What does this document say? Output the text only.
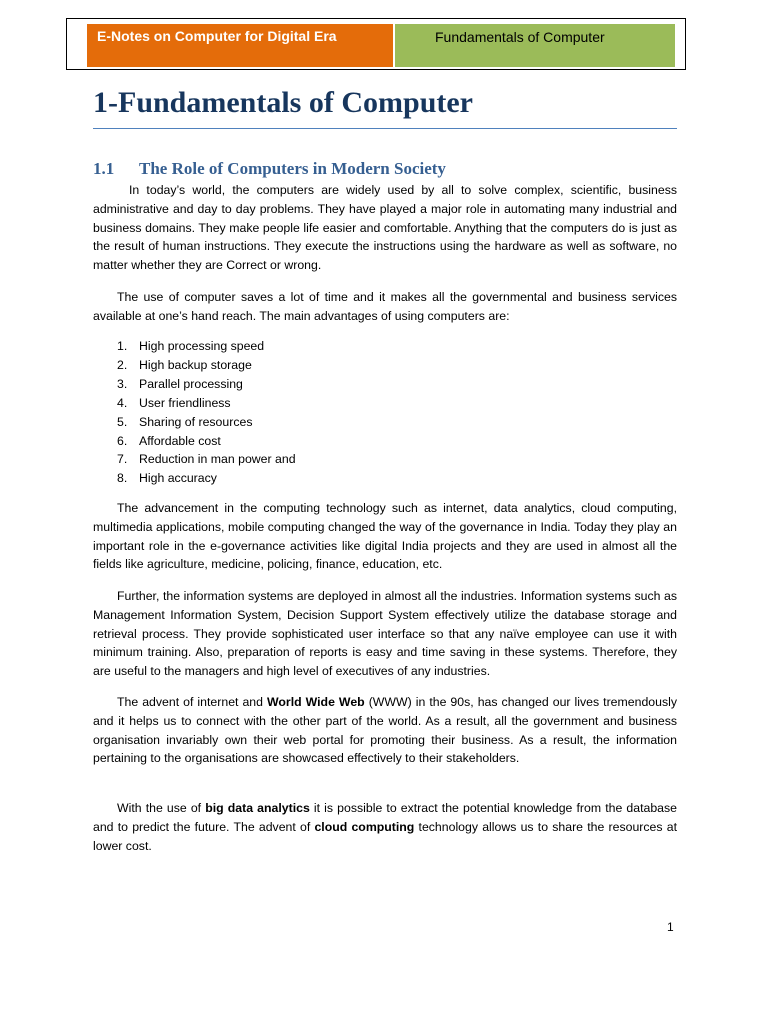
E-Notes on Computer for Digital Era	Fundamentals of Computer
1-Fundamentals of Computer
1.1 The Role of Computers in Modern Society

In today’s world, the computers are widely used by all to solve complex, scientific, business administrative and day to day problems. They have played a major role in automating many industrial and business domains. They make people life easier and comfortable. Anything that the computers do is just as the result of human instructions. They execute the instructions using the hardware as well as software, no matter whether they are Correct or wrong.

The use of computer saves a lot of time and it makes all the governmental and business services available at one’s hand reach. The main advantages of using computers are:

1. High processing speed
2. High backup storage
3. Parallel processing
4. User friendliness
5. Sharing of resources
6. Affordable cost
7. Reduction in man power and
8. High accuracy

The advancement in the computing technology such as internet, data analytics, cloud computing, multimedia applications, mobile computing changed the way of the governance in India. Today they play an important role in the e-governance activities like digital India projects and they are used in almost all the fields like agriculture, medicine, policing, finance, education, etc.

Further, the information systems are deployed in almost all the industries. Information systems such as Management Information System, Decision Support System effectively utilize the database storage and retrieval process. They provide sophisticated user interface so that any naïve employee can use it with minimum training. Also, preparation of reports is easy and time saving in these systems. Therefore, they are useful to the managers and high level of executives of any industries.

The advent of internet and World Wide Web (WWW) in the 90s, has changed our lives tremendously and it helps us to connect with the other part of the world. As a result, all the government and business organisation invariably own their web portal for promoting their business. As a result, the information pertaining to the organisations are showcased effectively to their stakeholders.

With the use of big data analytics it is possible to extract the potential knowledge from the database and to predict the future. The advent of cloud computing technology allows us to share the resources at lower cost.

1
